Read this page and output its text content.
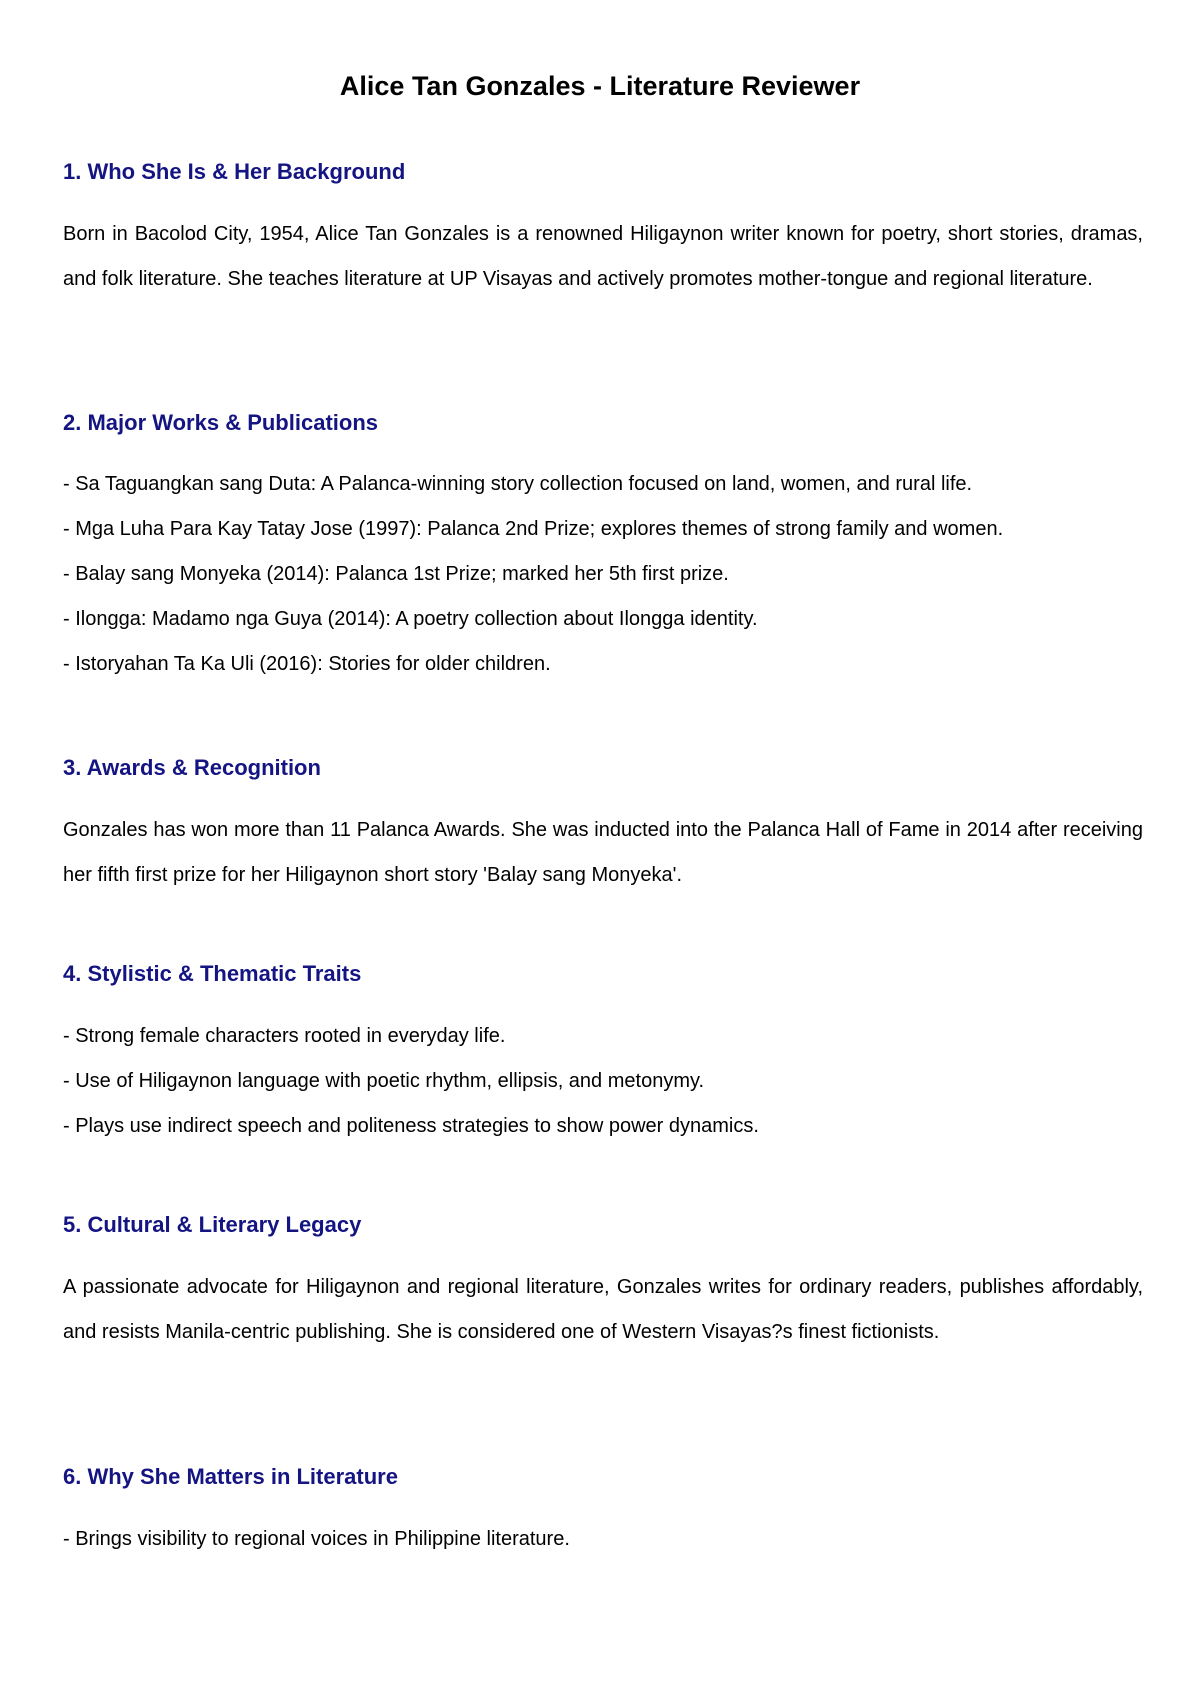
Alice Tan Gonzales - Literature Reviewer
1. Who She Is & Her Background

Born in Bacolod City, 1954, Alice Tan Gonzales is a renowned Hiligaynon writer known for poetry, short stories, dramas, and folk literature. She teaches literature at UP Visayas and actively promotes mother-tongue and regional literature.

2. Major Works & Publications
- Sa Taguangkan sang Duta: A Palanca-winning story collection focused on land, women, and rural life.
- Mga Luha Para Kay Tatay Jose (1997): Palanca 2nd Prize; explores themes of strong family and women.
- Balay sang Monyeka (2014): Palanca 1st Prize; marked her 5th first prize.
- Ilongga: Madamo nga Guya (2014): A poetry collection about Ilongga identity.
- Istoryahan Ta Ka Uli (2016): Stories for older children.
3. Awards & Recognition

Gonzales has won more than 11 Palanca Awards. She was inducted into the Palanca Hall of Fame in 2014 after receiving her fifth first prize for her Hiligaynon short story 'Balay sang Monyeka'.

4. Stylistic & Thematic Traits
- Strong female characters rooted in everyday life.
- Use of Hiligaynon language with poetic rhythm, ellipsis, and metonymy.
- Plays use indirect speech and politeness strategies to show power dynamics.
5. Cultural & Literary Legacy

A passionate advocate for Hiligaynon and regional literature, Gonzales writes for ordinary readers, publishes affordably, and resists Manila-centric publishing. She is considered one of Western Visayas?s finest fictionists.

6. Why She Matters in Literature
- Brings visibility to regional voices in Philippine literature.
